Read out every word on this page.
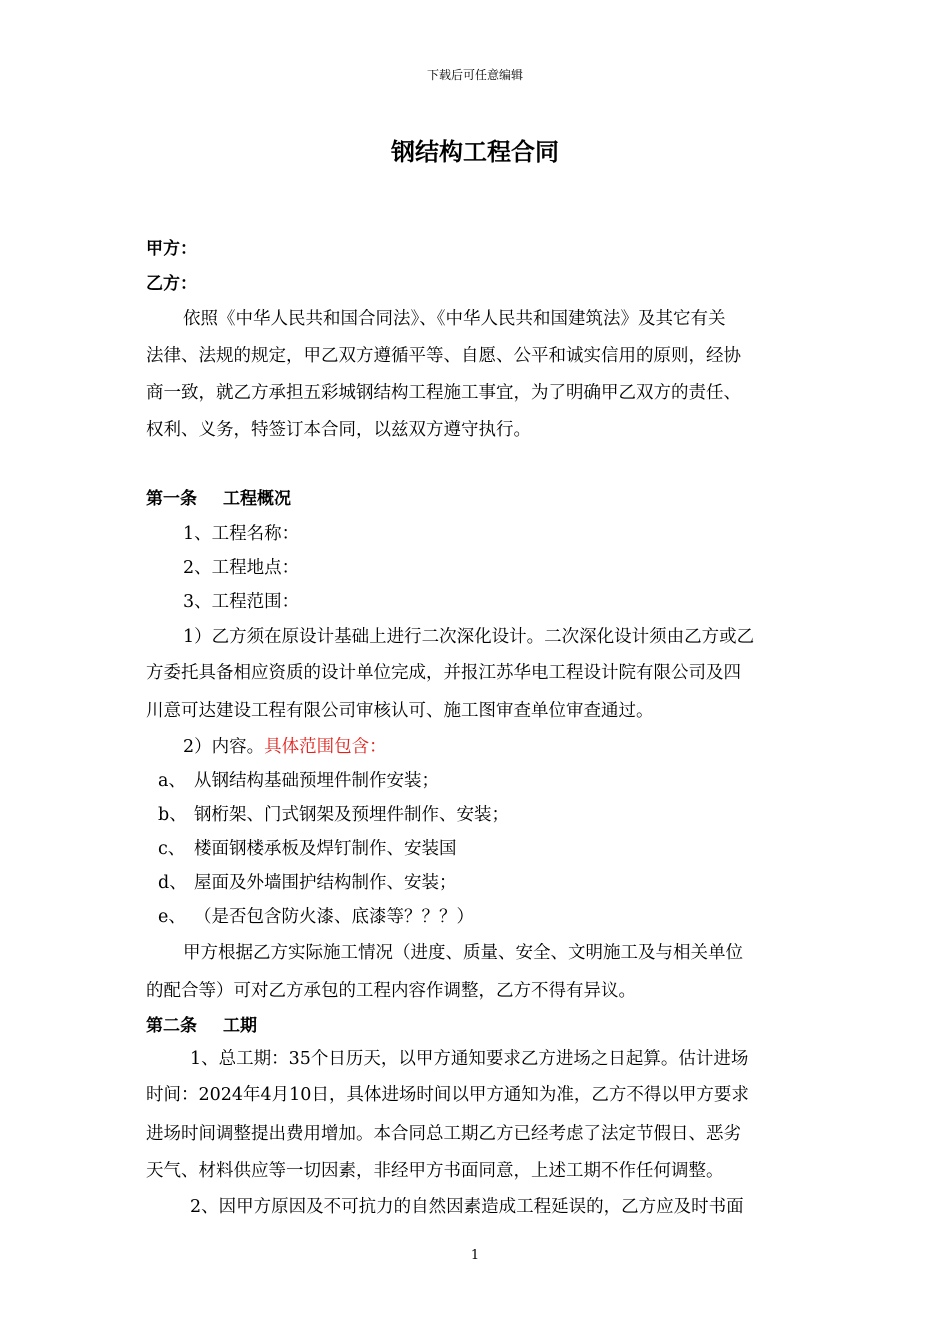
下载后可任意编辑
钢结构工程合同
甲方：
乙方：
依照《中华人民共和国合同法》、《中华人民共和国建筑法》及其它有关
法律、法规的规定，甲乙双方遵循平等、自愿、公平和诚实信用的原则，经协
商一致，就乙方承担五彩城钢结构工程施工事宜，为了明确甲乙双方的责任、
权利、义务，特签订本合同，以兹双方遵守执行。
第一条 工程概况
1、工程名称：
2、工程地点：
3、工程范围：
1）乙方须在原设计基础上进行二次深化设计。二次深化设计须由乙方或乙
方委托具备相应资质的设计单位完成，并报江苏华电工程设计院有限公司及四
川意可达建设工程有限公司审核认可、施工图审查单位审查通过。
2）内容。具体范围包含：
a、 从钢结构基础预埋件制作安装；
b、 钢桁架、门式钢架及预埋件制作、安装；
c、 楼面钢楼承板及焊钉制作、安装国
d、 屋面及外墙围护结构制作、安装；
e、 （是否包含防火漆、底漆等？？？）
甲方根据乙方实际施工情况（进度、质量、安全、文明施工及与相关单位
的配合等）可对乙方承包的工程内容作调整，乙方不得有异议。
第二条 工期
1、总工期：35个日历天，以甲方通知要求乙方进场之日起算。估计进场
时间：2024年4月10日，具体进场时间以甲方通知为准，乙方不得以甲方要求
进场时间调整提出费用增加。本合同总工期乙方已经考虑了法定节假日、恶劣
天气、材料供应等一切因素，非经甲方书面同意，上述工期不作任何调整。
2、因甲方原因及不可抗力的自然因素造成工程延误的，乙方应及时书面
1
